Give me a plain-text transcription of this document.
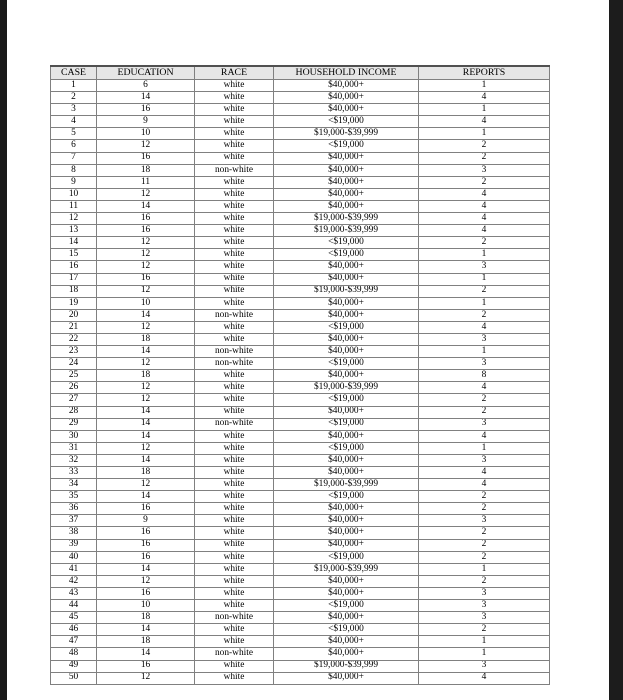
CASE	EDUCATION	RACE	HOUSEHOLD INCOME	REPORTS
1	6	white	$40,000+	1
2	14	white	$40,000+	4
3	16	white	$40,000+	1
4	9	white	<$19,000	4
5	10	white	$19,000-$39,999	1
6	12	white	<$19,000	2
7	16	white	$40,000+	2
8	18	non-white	$40,000+	3
9	11	white	$40,000+	2
10	12	white	$40,000+	4
11	14	white	$40,000+	4
12	16	white	$19,000-$39,999	4
13	16	white	$19,000-$39,999	4
14	12	white	<$19,000	2
15	12	white	<$19,000	1
16	12	white	$40,000+	3
17	16	white	$40,000+	1
18	12	white	$19,000-$39,999	2
19	10	white	$40,000+	1
20	14	non-white	$40,000+	2
21	12	white	<$19,000	4
22	18	white	$40,000+	3
23	14	non-white	$40,000+	1
24	12	non-white	<$19,000	3
25	18	white	$40,000+	8
26	12	white	$19,000-$39,999	4
27	12	white	<$19,000	2
28	14	white	$40,000+	2
29	14	non-white	<$19,000	3
30	14	white	$40,000+	4
31	12	white	<$19,000	1
32	14	white	$40,000+	3
33	18	white	$40,000+	4
34	12	white	$19,000-$39,999	4
35	14	white	<$19,000	2
36	16	white	$40,000+	2
37	9	white	$40,000+	3
38	16	white	$40,000+	2
39	16	white	$40,000+	2
40	16	white	<$19,000	2
41	14	white	$19,000-$39,999	1
42	12	white	$40,000+	2
43	16	white	$40,000+	3
44	10	white	<$19,000	3
45	18	non-white	$40,000+	3
46	14	white	<$19,000	2
47	18	white	$40,000+	1
48	14	non-white	$40,000+	1
49	16	white	$19,000-$39,999	3
50	12	white	$40,000+	4
